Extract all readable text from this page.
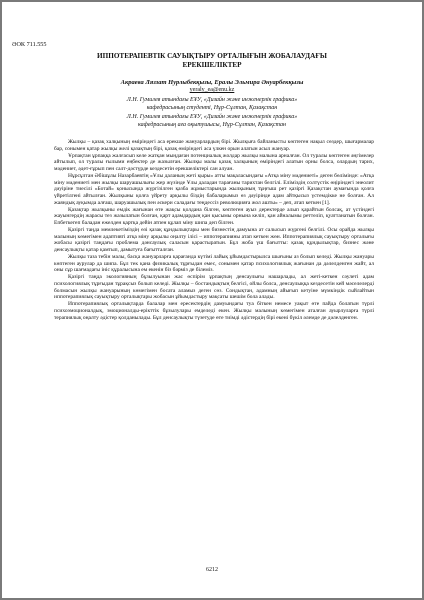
ӘОК 711.555
ИППОТЕРАПЕВТІК САУЫҚТЫРУ ОРТАЛЫҒЫН ЖОБАЛАУДАҒЫ
ЕРЕКШЕЛІКТЕР
Акраева Ляззат Нурлыбекқызы, Ералы Эльмира Әнуарбекқызы
yeraly_ea@enu.kz
Л.Н. Гумилев атындағы ЕҰУ, «Дизайн және инженерлік графика»
кафедрасының студенті, Нұр-Сұлтан, Қазақстан
Л.Н. Гумилев атындағы ЕҰУ, «Дизайн және инженерлік графика»
кафедрасының аға оқытушысы, Нұр-Сұлтан, Қазақстан

Жылқы – қазақ халқының өміріндегі аса ерекше жануарлардың бірі. Жылқыға байланысты көптеген нақыл сөздер, шығармалар бар, сонымен қатар жылқы желі қазақтың бірі, қазақ өміріндегі аса үлкен орын алатын асыл жануар.

Ұрпақтан ұрпаққа жалғасып келе жатқан мыңдаған потенциалық жолдар жылқы малына арналған. Ол туралы көптеген әңгімелер айтылып, ол туралы ғылыми еңбектер де жазылған. Жылқы малы қазақ халқының өміріндегі алатын орны болса, олардың тарих, мәдениет, әдет-ғұрып пен салт-дәстүрде кездесетін ерекшеліктері сан алуан.

Нұрсұлтан Әбішұлы Назарбаевтің «Ұлы даланың жеті қыры» атты мақаласындағы «Атқа міну мәдениеті» деген бөлімінде: «Атқа міну мәдениеті мен жылқы шаруашылығы жер жүзінде Ұлы даладан тарағаны тарихтан белгілі. Еліміздің солтүстік өңіріндегі энеолит дәуіріне тиесілі «Ботай» қонысында жүргізілген қазба жұмыстарында жылқының тұңғыш рет қазіргі Қазақстан аумағында қолға үйретілгені айтылған. Жылқыны қолға үйрету арқылы біздің бабаларымыз өз дәуірінде адам айтқысыз үстемдікке не болған. Ал жаяндық ауқымда алғаш, шаруашылық пен әскери саладағы теңдессіз революцияға жол ашты» – деп, атап кеткен [1].

Қазақтар жылқыны емдік жағынан өте жақсы қолдана білген, көптеген ауыз деректерде алып қарайтын болсақ, ат үстіндегі жауынгердің жарасы тез жазылатын болған, қарт адамдардың қан қысымы орнына келіп, қан айналымы реттеліп, қуаттанатын болған. Епбеткегеп баладан ежелден қартқа дейін атпен құлап міну шипа деп білген.

Қазіргі таңда мемлекетіміздің өзі қазақ құндылықтары мен бизнестің дамуына ат салысып жүргені белгілі. Осы орайда жылқы малының көмегімен адаптивті атқа міну арқылы оңалту ілісі – иппотерапияны атап кеткен жөн. Иппотерапиялық сауықтыру орталығы жобасы қазіргі таңдағы проблема дәнсаулық саласын қарастыратын. Бұл жоба үш бағытты: қазақ құндылықтар, бизнес және денсаулықты қатар қамтып, дамытуға бағытталған.

Жылқы таза тебін малы, басқа жануарларға қарағанда күтімі лайық ұйымдастырылса шығыны аз болып келеді. Жылқы жануары көптеген аурулар да шипа. Бұл тек қана физикалық тұрғыдан емес, сонымен қатар психологиялық жағынан да дәлелденген жайт, ал оны сұр шағмадағы ініс құралысына ем екенін біз бәрміз де білеміз.

Қазіргі таңда экологияның бұзылуынан жас өспірім ұрпақтың денсаулығы нашарлады, ал жеті-кеткен сәулеті адам психологиялық тұрғыдан тұрақсыз болып келеді. Жылқы – бостандықтың белгісі, ойлы болса, денсаулыққа кездесетін кей мәселелерді болмасын жылқы жануарының көмегімен босата аламыз деген сөз. Сондықтан, адамның айығып кетуіне мүмкіндік сыйлайтын иппотерапиялық сауықтыру орталықтары жобасын ұйымдастыру мақсаты шешім бола алады.

Иппотерапиялық орталықтарда балалар мен ересектердің дамуындағы туа біткен немесе уақыт өте пайда болатын түрлі психоэмоционалдық, эмоционалды-ерікттік бұзылулары емделеді екен. Жылқы малының көмегімен аталған ауырлуларға түрлі терапиялық оңалту әдістер қолданылады. Бұл денсаулықты түзетуде өте тиімді әдістердің бірі екені бүкіл әлемде де дәлелденген.

6212
